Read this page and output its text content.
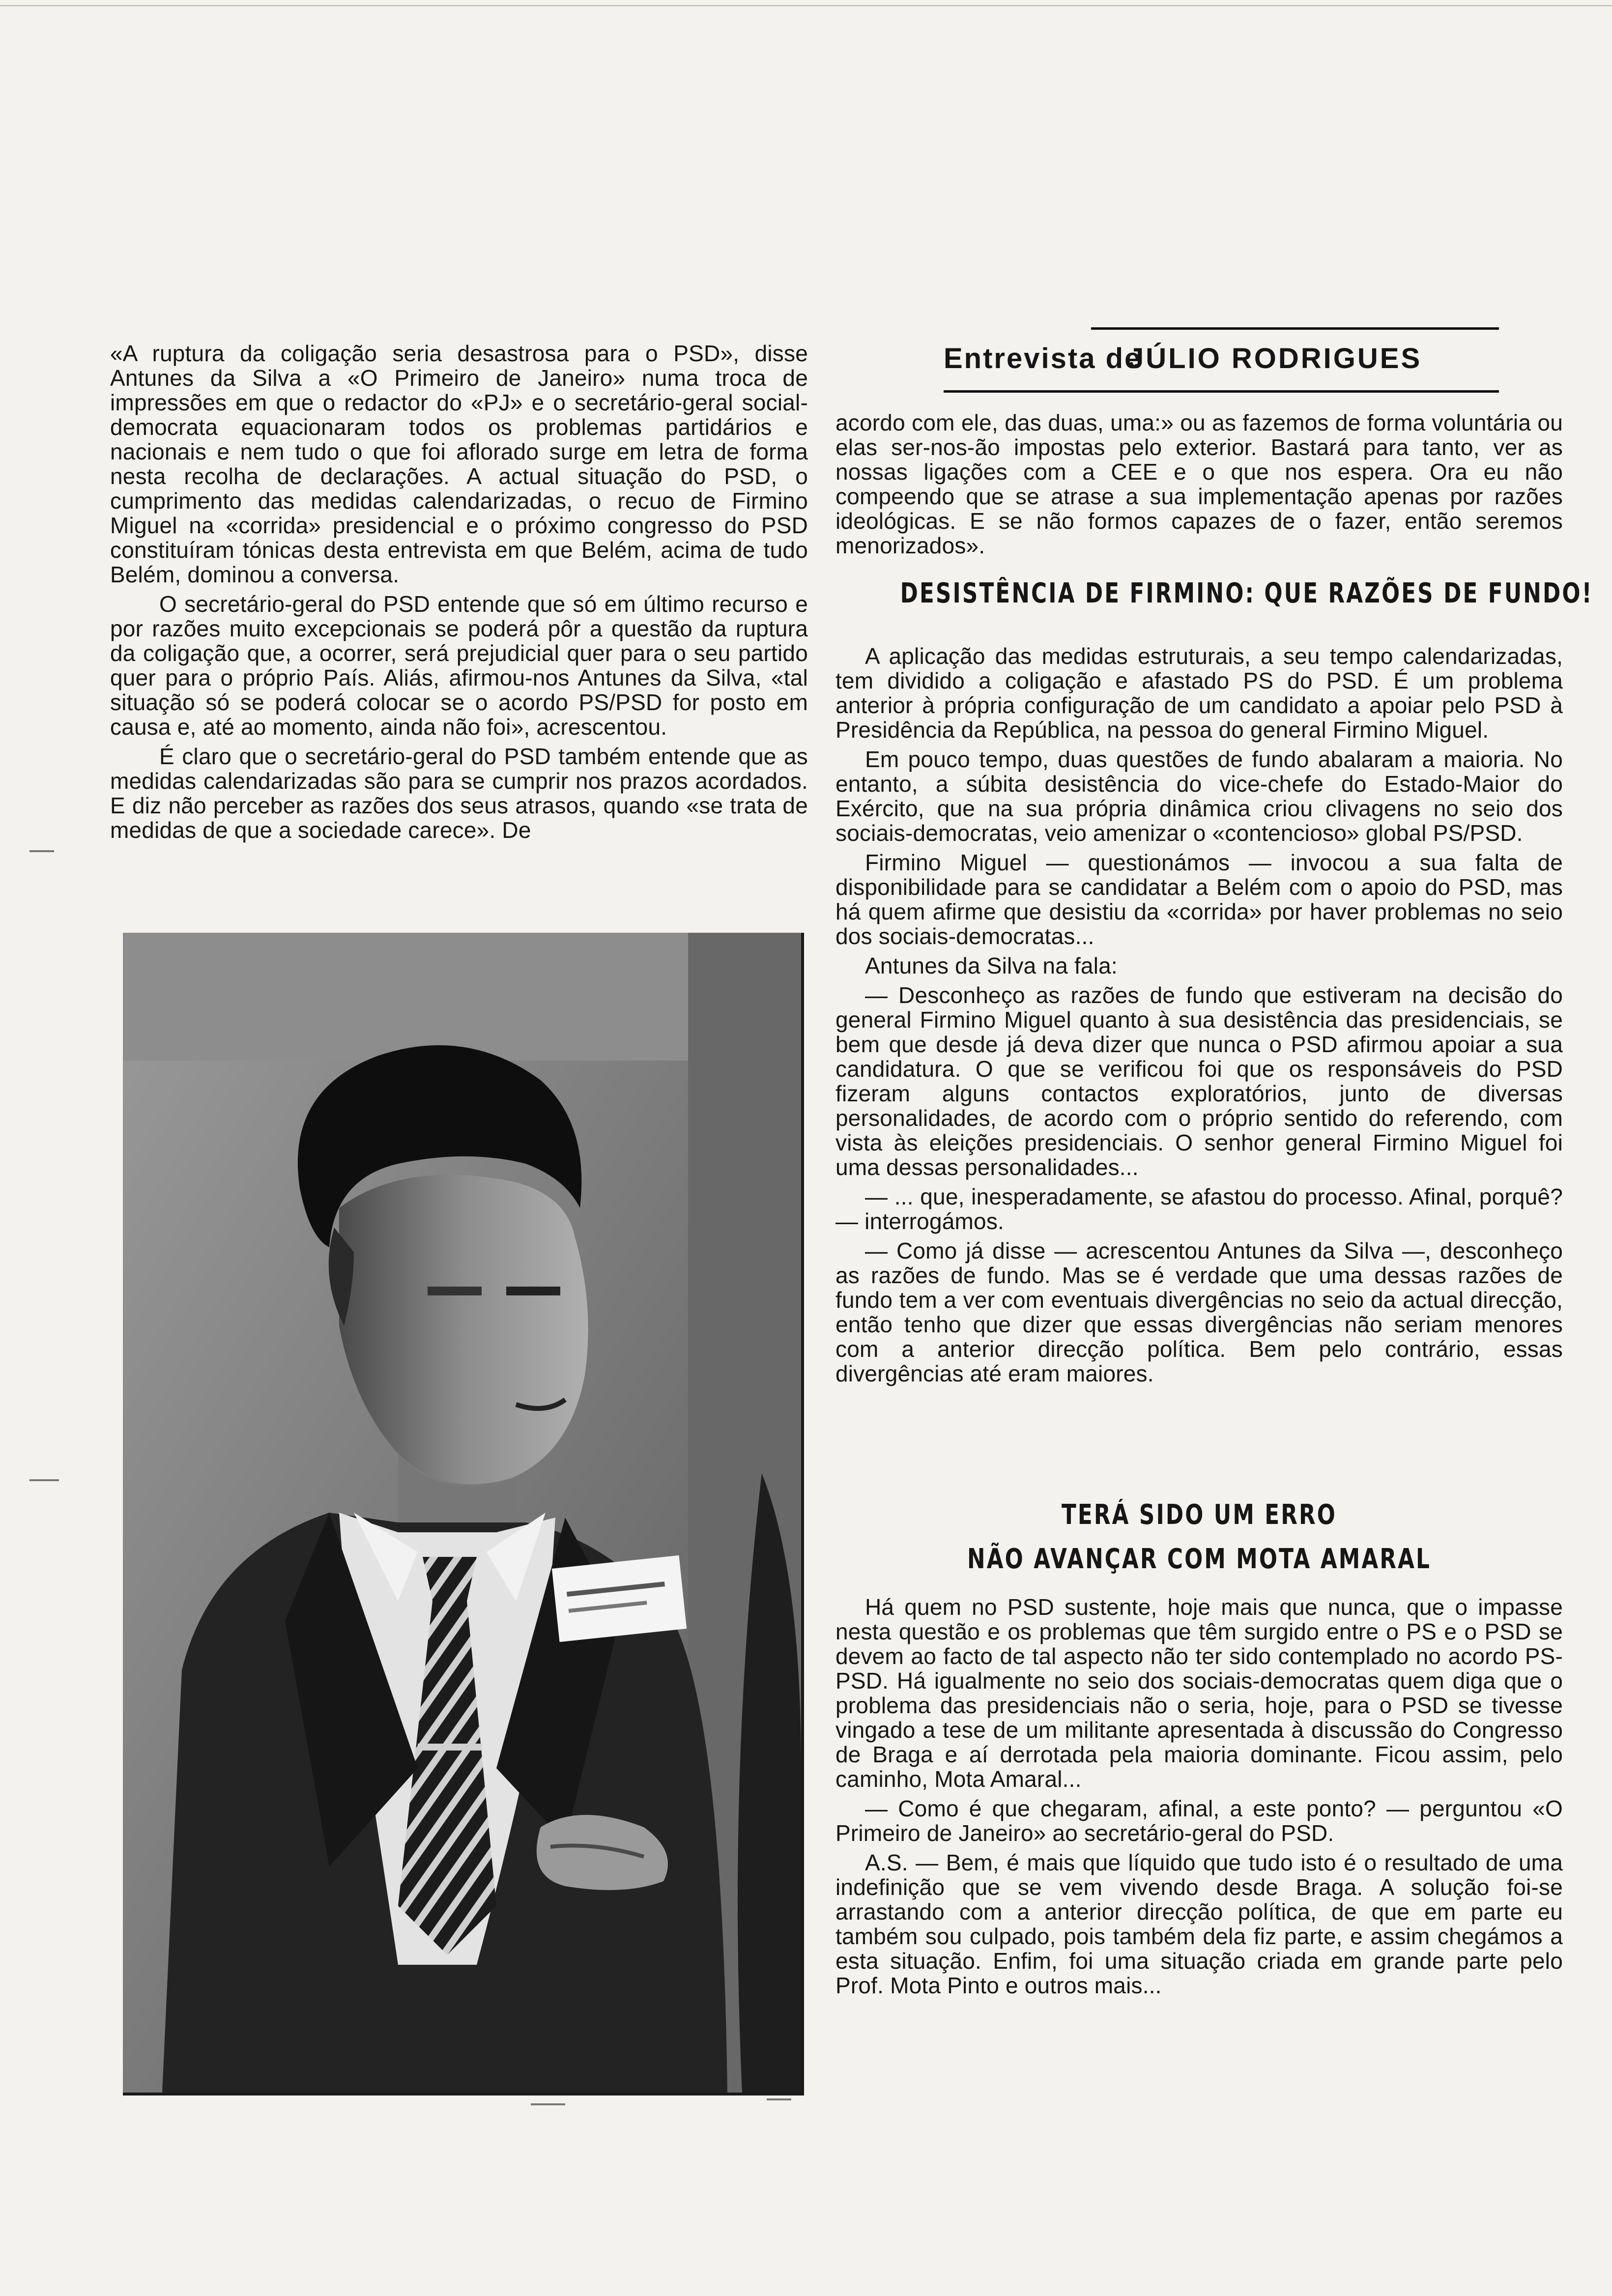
«A ruptura da coligação seria desastrosa para o PSD», disse Antunes da Silva a «O Primeiro de Janeiro» numa troca de impressões em que o redactor do «PJ» e o secretário-geral social-democrata equacionaram todos os problemas partidários e nacionais e nem tudo o que foi aflorado surge em letra de forma nesta recolha de declarações. A actual situação do PSD, o cumprimento das medidas calendarizadas, o recuo de Firmino Miguel na «corrida» presidencial e o próximo congresso do PSD constituíram tónicas desta entrevista em que Belém, acima de tudo Belém, dominou a conversa.

O secretário-geral do PSD entende que só em último recurso e por razões muito excepcionais se poderá pôr a questão da ruptura da coligação que, a ocorrer, será prejudicial quer para o seu partido quer para o próprio País. Aliás, afirmou-nos Antunes da Silva, «tal situação só se poderá colocar se o acordo PS/PSD for posto em causa e, até ao momento, ainda não foi», acrescentou.

É claro que o secretário-geral do PSD também entende que as medidas calendarizadas são para se cumprir nos prazos acordados. E diz não perceber as razões dos seus atrasos, quando «se trata de medidas de que a sociedade carece». De

Entrevista de
JÚLIO RODRIGUES

acordo com ele, das duas, uma:» ou as fazemos de forma voluntária ou elas ser-nos-ão impostas pelo exterior. Bastará para tanto, ver as nossas ligações com a CEE e o que nos espera. Ora eu não compeendo que se atrase a sua implementação apenas por razões ideológicas. E se não formos capazes de o fazer, então seremos menorizados».

DESISTÊNCIA DE FIRMINO: QUE RAZÕES DE FUNDO!

A aplicação das medidas estruturais, a seu tempo calendarizadas, tem dividido a coligação e afastado PS do PSD. É um problema anterior à própria configuração de um candidato a apoiar pelo PSD à Presidência da República, na pessoa do general Firmino Miguel.

Em pouco tempo, duas questões de fundo abalaram a maioria. No entanto, a súbita desistência do vice-chefe do Estado-Maior do Exército, que na sua própria dinâmica criou clivagens no seio dos sociais-democratas, veio amenizar o «contencioso» global PS/PSD.

Firmino Miguel — questionámos — invocou a sua falta de disponibilidade para se candidatar a Belém com o apoio do PSD, mas há quem afirme que desistiu da «corrida» por haver problemas no seio dos sociais-democratas...

Antunes da Silva na fala:

— Desconheço as razões de fundo que estiveram na decisão do general Firmino Miguel quanto à sua desistência das presidenciais, se bem que desde já deva dizer que nunca o PSD afirmou apoiar a sua candidatura. O que se verificou foi que os responsáveis do PSD fizeram alguns contactos exploratórios, junto de diversas personalidades, de acordo com o próprio sentido do referendo, com vista às eleições presidenciais. O senhor general Firmino Miguel foi uma dessas personalidades...

— ... que, inesperadamente, se afastou do processo. Afinal, porquê? — interrogámos.

— Como já disse — acrescentou Antunes da Silva —, desconheço as razões de fundo. Mas se é verdade que uma dessas razões de fundo tem a ver com eventuais divergências no seio da actual direcção, então tenho que dizer que essas divergências não seriam menores com a anterior direcção política. Bem pelo contrário, essas divergências até eram maiores.

TERÁ SIDO UM ERRO
NÃO AVANÇAR COM MOTA AMARAL

Há quem no PSD sustente, hoje mais que nunca, que o impasse nesta questão e os problemas que têm surgido entre o PS e o PSD se devem ao facto de tal aspecto não ter sido contemplado no acordo PS-PSD. Há igualmente no seio dos sociais-democratas quem diga que o problema das presidenciais não o seria, hoje, para o PSD se tivesse vingado a tese de um militante apresentada à discussão do Congresso de Braga e aí derrotada pela maioria dominante. Ficou assim, pelo caminho, Mota Amaral...

— Como é que chegaram, afinal, a este ponto? — perguntou «O Primeiro de Janeiro» ao secretário-geral do PSD.

A.S. — Bem, é mais que líquido que tudo isto é o resultado de uma indefinição que se vem vivendo desde Braga. A solução foi-se arrastando com a anterior direcção política, de que em parte eu também sou culpado, pois também dela fiz parte, e assim chegámos a esta situação. Enfim, foi uma situação criada em grande parte pelo Prof. Mota Pinto e outros mais...
